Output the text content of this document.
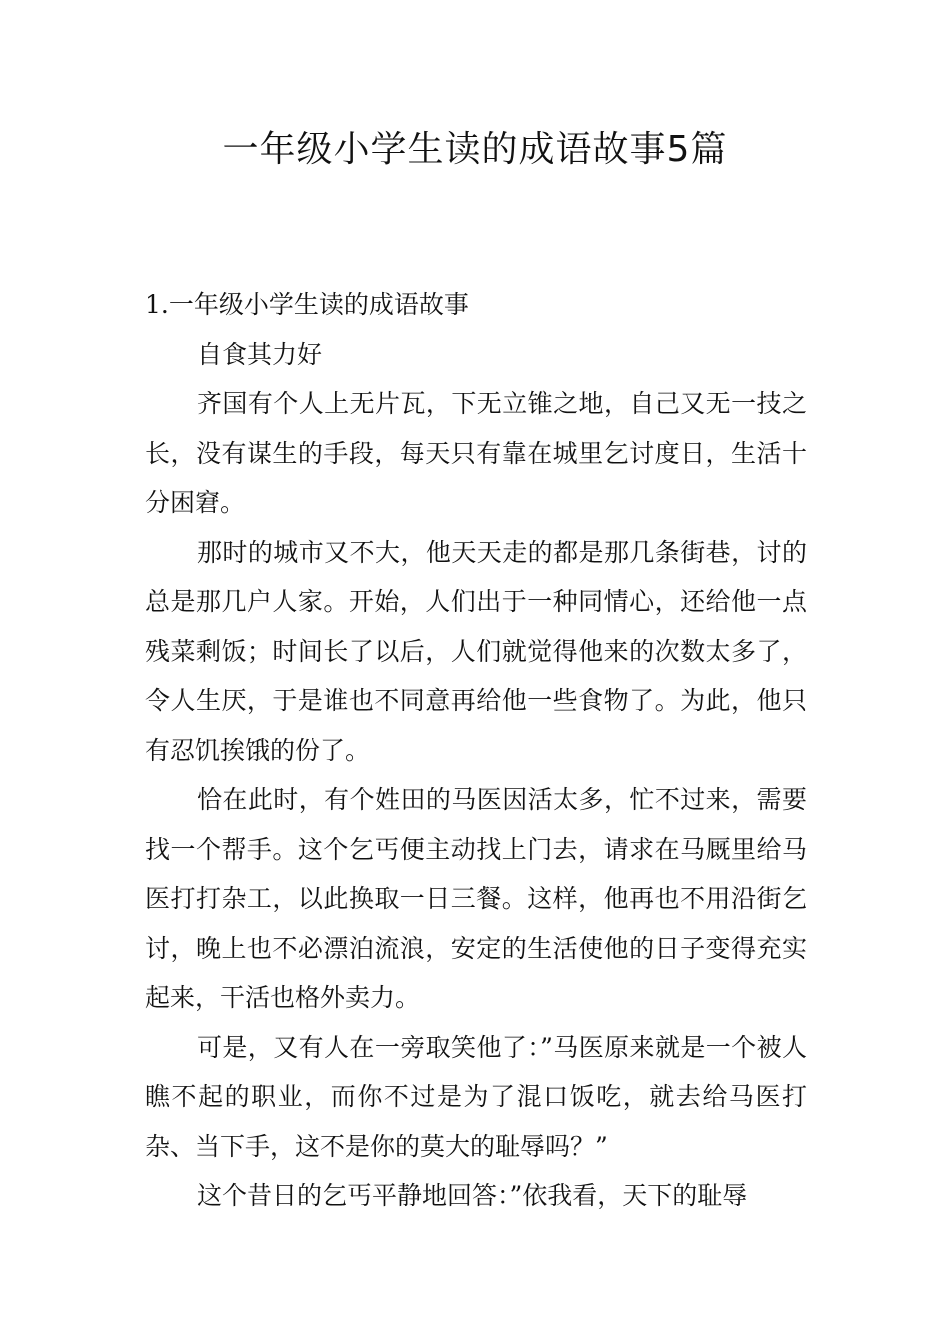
一年级小学生读的成语故事5篇

1.一年级小学生读的成语故事

自食其力好

齐国有个人上无片瓦，下无立锥之地，自己又无一技之长，没有谋生的手段，每天只有靠在城里乞讨度日，生活十分困窘。

那时的城市又不大，他天天走的都是那几条街巷，讨的总是那几户人家。开始，人们出于一种同情心，还给他一点残菜剩饭；时间长了以后，人们就觉得他来的次数太多了，令人生厌，于是谁也不同意再给他一些食物了。为此，他只有忍饥挨饿的份了。

恰在此时，有个姓田的马医因活太多，忙不过来，需要找一个帮手。这个乞丐便主动找上门去，请求在马厩里给马医打打杂工，以此换取一日三餐。这样，他再也不用沿街乞讨，晚上也不必漂泊流浪，安定的生活使他的日子变得充实起来，干活也格外卖力。

可是，又有人在一旁取笑他了：”马医原来就是一个被人瞧不起的职业，而你不过是为了混口饭吃，就去给马医打杂、当下手，这不是你的莫大的耻辱吗？”

这个昔日的乞丐平静地回答：”依我看，天下的耻辱
